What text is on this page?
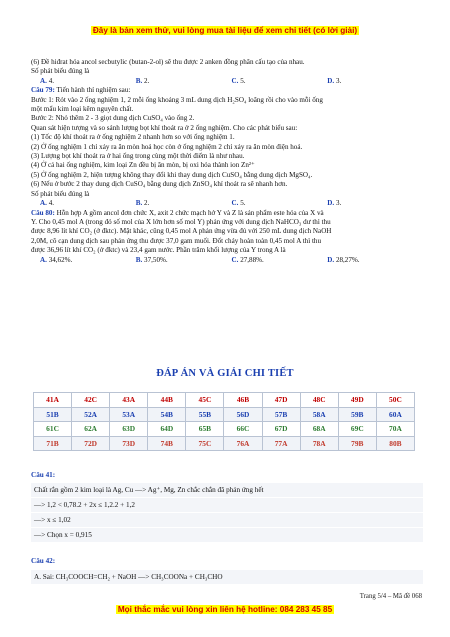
Đây là bản xem thử, vui lòng mua tài liệu để xem chi tiết (có lời giải)
(6) Đề hiđrat hóa ancol secbutylic (butan-2-ol) sẽ thu được 2 anken đồng phân cấu tạo của nhau.
Số phát biểu đúng là
A. 4.	B. 2.	C. 5.	D. 3.
Câu 79: Tiến hành thí nghiệm sau:
Bước 1: Rót vào 2 ống nghiệm 1, 2 mỗi ống khoảng 3 mL dung dịch H₂SO₄ loãng rồi cho vào mỗi ống
một mẩu kim loại kẽm nguyên chất.
Bước 2: Nhỏ thêm 2 - 3 giọt dung dịch CuSO₄ vào ống 2.
Quan sát hiện tượng và so sánh lượng bọt khí thoát ra ở 2 ống nghiệm. Cho các phát biểu sau:
(1) Tốc độ khí thoát ra ở ống nghiệm 2 nhanh hơn so với ống nghiệm 1.
(2) Ở ống nghiệm 1 chỉ xảy ra ăn mòn hoá học còn ở ống nghiệm 2 chỉ xảy ra ăn mòn điện hoá.
(3) Lượng bọt khí thoát ra ở hai ống trong cùng một thời điểm là như nhau.
(4) Ở cả hai ống nghiệm, kim loại Zn đều bị ăn mòn, bị oxi hóa thành ion Zn²⁺
(5) Ở ống nghiệm 2, hiện tượng không thay đổi khi thay dung dịch CuSO₄ bằng dung dịch MgSO₄.
(6) Nếu ở bước 2 thay dung dịch CuSO₄ bằng dung dịch ZnSO₄ khí thoát ra sẽ nhanh hơn.
Số phát biểu đúng là
A. 4.	B. 2.	C. 5.	D. 3.
Câu 80: Hỗn hợp A gồm ancol đơn chức X, axit 2 chức mạch hở Y và Z là sản phẩm este hóa của X và
Y. Cho 0,45 mol A (trong đó số mol của X lớn hơn số mol Y) phản ứng với dung dịch NaHCO₃ dư thì thu
được 8,96 lít khí CO₂ (ở đktc). Mặt khác, cũng 0,45 mol A phản ứng vừa đủ với 250 mL dung dịch NaOH
2,0M, cô cạn dung dịch sau phản ứng thu được 37,0 gam muối. Đốt cháy hoàn toàn 0,45 mol A thì thu
được 36,96 lít khí CO₂ (ở đktc) và 23,4 gam nước. Phần trăm khối lượng của Y trong A là
A. 34,62%.	B. 37,50%.	C. 27,88%.	D. 28,27%.
ĐÁP ÁN VÀ GIẢI CHI TIẾT
41A	42C	43A	44B	45C	46B	47D	48C	49D	50C
51B	52A	53A	54B	55B	56D	57B	58A	59B	60A
61C	62A	63D	64D	65B	66C	67D	68A	69C	70A
71B	72D	73D	74B	75C	76A	77A	78A	79B	80B
Câu 41:
Chất rắn gồm 2 kim loại là Ag, Cu —> Ag⁺, Mg, Zn chắc chắn đã phản ứng hết
—> 1,2 < 0,78.2 + 2x ≤ 1,2.2 + 1,2
—> x ≤ 1,02
—> Chọn x = 0,915
Câu 42:
A. Sai: CH₃COOCH=CH₂ + NaOH —> CH₃COONa + CH₃CHO
Trang 5/4 – Mã đề 068
Mọi thắc mắc vui lòng xin liên hệ hotline: 084 283 45 85
